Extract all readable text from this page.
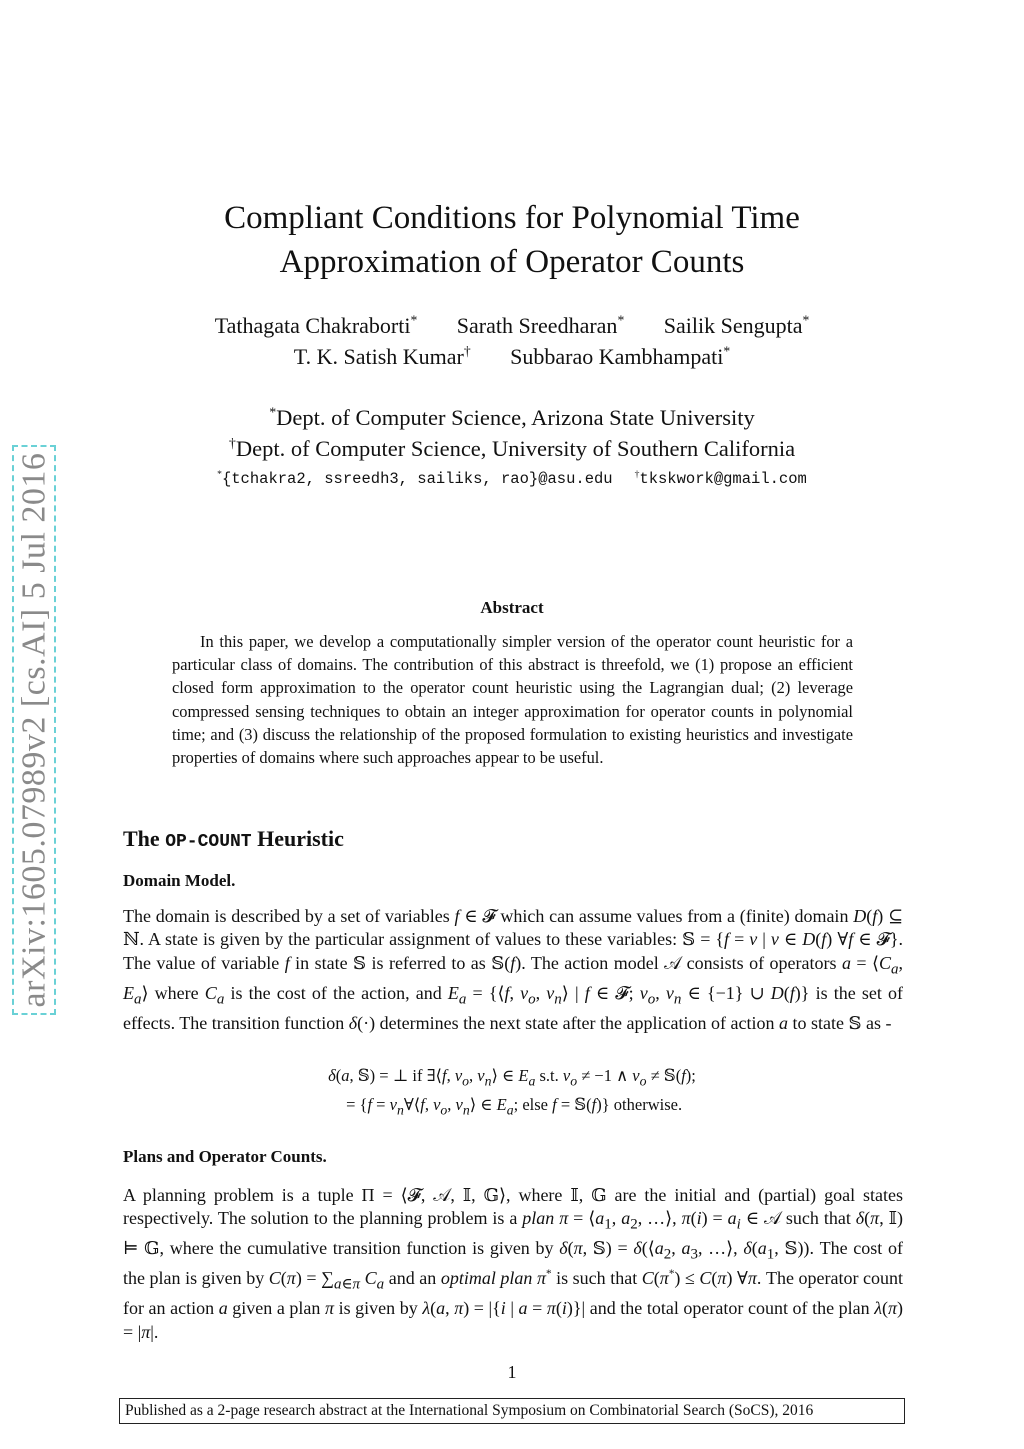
arXiv:1605.07989v2 [cs.AI] 5 Jul 2016
Compliant Conditions for Polynomial Time
Approximation of Operator Counts
Tathagata Chakraborti* Sarath Sreedharan* Sailik Sengupta*
T. K. Satish Kumar† Subbarao Kambhampati*
*Dept. of Computer Science, Arizona State University
†Dept. of Computer Science, University of Southern California
*{tchakra2, ssreedh3, sailiks, rao}@asu.edu †tkskwork@gmail.com
Abstract
In this paper, we develop a computationally simpler version of the operator count heuristic for a particular class of domains. The contribution of this abstract is threefold, we (1) propose an efficient closed form approximation to the operator count heuristic using the Lagrangian dual; (2) leverage compressed sensing techniques to obtain an integer approximation for operator counts in polynomial time; and (3) discuss the relationship of the proposed formulation to existing heuristics and investigate properties of domains where such approaches appear to be useful.
The OP-COUNT Heuristic
Domain Model.
The domain is described by a set of variables f ∈ 𝓕 which can assume values from a (finite) domain D(f) ⊆ ℕ. A state is given by the particular assignment of values to these variables: 𝕊 = {f = v | v ∈ D(f) ∀f ∈ 𝓕}. The value of variable f in state 𝕊 is referred to as 𝕊(f). The action model 𝒜 consists of operators $a = ⟨C_a$, $E_a⟩$ where $C_a$ is the cost of the action, and $E_a$ = {⟨f, $v_o$, $v_n⟩$ | f ∈ 𝓕; $v_o$, $v_n$ ∈ {−1} ∪ D(f)} is the set of effects. The transition function δ(·) determines the next state after the application of action a to state 𝕊 as -
δ(a, 𝕊) = ⊥ if ∃⟨f, $v_o$, $v_n⟩$ ∈ $E_a$ s.t. $v_o \ne -1$ ∧ $v_o$ ≠ 𝕊(f);
= {$f = v_n\forall⟨f$, $v_o$, $v_n⟩$ ∈ $E_a$; else f = 𝕊(f)} otherwise.
Plans and Operator Counts.
A planning problem is a tuple Π = ⟨𝓕, 𝒜, 𝕀, 𝔾⟩, where 𝕀, 𝔾 are the initial and (partial) goal states respectively. The solution to the planning problem is a plan $\pi = ⟨a_1$, $a_2$, …⟩, $\pi(i) = a_i$ ∈ 𝒜 such that δ(π, 𝕀) ⊨ 𝔾, where the cumulative transition function is given by δ(π, 𝕊) = $\delta(⟨a_2$, $a_3$, …⟩, $\delta(a_1$, 𝕊)). The cost of the plan is given by $C(\pi) = \sum_{a\in\pi}$ $C_a$ and an optimal plan π* is such that C(π*) ≤ C(π) ∀π. The operator count for an action a given a plan π is given by λ(a, π) = |{i | a = π(i)}| and the total operator count of the plan λ(π) = |π|.
1
Published as a 2-page research abstract at the International Symposium on Combinatorial Search (SoCS), 2016
